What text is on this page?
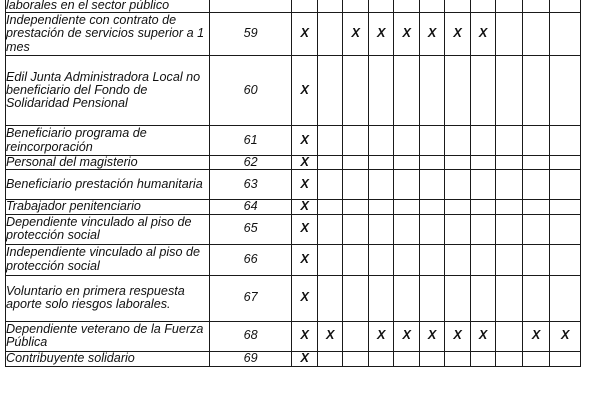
laborales en el sector público												
Independiente con contrato de prestación de servicios superior a 1 mes	59	X		X	X	X	X	X	X			
Edil Junta Administradora Local no beneficiario del Fondo de Solidaridad Pensional	60	X										
Beneficiario programa de reincorporación	61	X										
Personal del magisterio	62	X										
Beneficiario prestación humanitaria	63	X										
Trabajador penitenciario	64	X										
Dependiente vinculado al piso de protección social	65	X										
Independiente vinculado al piso de protección social	66	X										
Voluntario en primera respuesta aporte solo riesgos laborales.	67	X										
Dependiente veterano de la Fuerza Pública	68	X	X		X	X	X	X	X		X	X
Contribuyente solidario	69	X										
